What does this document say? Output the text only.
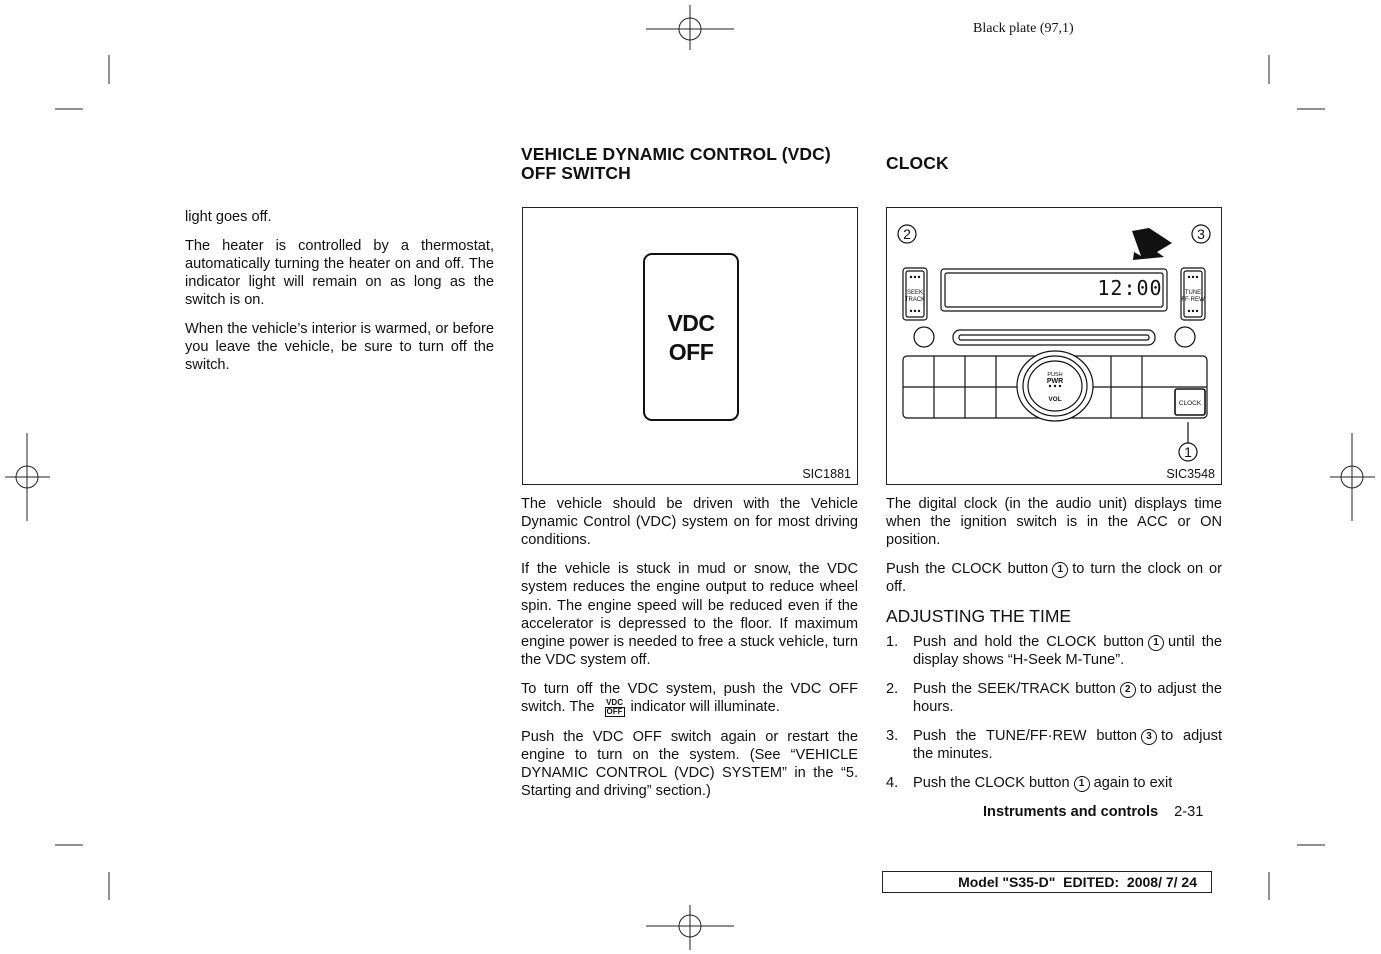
Black plate (97,1)

light goes off.

The heater is controlled by a thermostat, automatically turning the heater on and off. The indicator light will remain on as long as the switch is on.

When the vehicle’s interior is warmed, or before you leave the vehicle, be sure to turn off the switch.

VEHICLE DYNAMIC CONTROL (VDC)
OFF SWITCH
VDC
OFF
SIC1881

The vehicle should be driven with the Vehicle Dynamic Control (VDC) system on for most driving conditions.

If the vehicle is stuck in mud or snow, the VDC system reduces the engine output to reduce wheel spin. The engine speed will be reduced even if the accelerator is depressed to the floor. If maximum engine power is needed to free a stuck vehicle, turn the VDC system off.

To turn off the VDC system, push the VDC OFF switch. The VDC
OFF indicator will illuminate.

Push the VDC OFF switch again or restart the engine to turn on the system. (See “VEHICLE DYNAMIC CONTROL (VDC) SYSTEM” in the “5. Starting and driving” section.)

CLOCK
2	3
1
SEEK
TRACK
TUNE
FF·REW
12:00
PUSH
PWR
VOL
CLOCK
SIC3548

The digital clock (in the audio unit) displays time when the ignition switch is in the ACC or ON position.

Push the CLOCK button 1 to turn the clock on or off.

ADJUSTING THE TIME
1. Push and hold the CLOCK button 1 until the display shows “H-Seek M-Tune”.
2. Push the SEEK/TRACK button 2 to adjust the hours.
3. Push the TUNE/FF·REW button 3 to adjust the minutes.
4. Push the CLOCK button 1 again to exit
Instruments and controls 2-31
Model "S35-D"  EDITED:  2008/ 7/ 24
